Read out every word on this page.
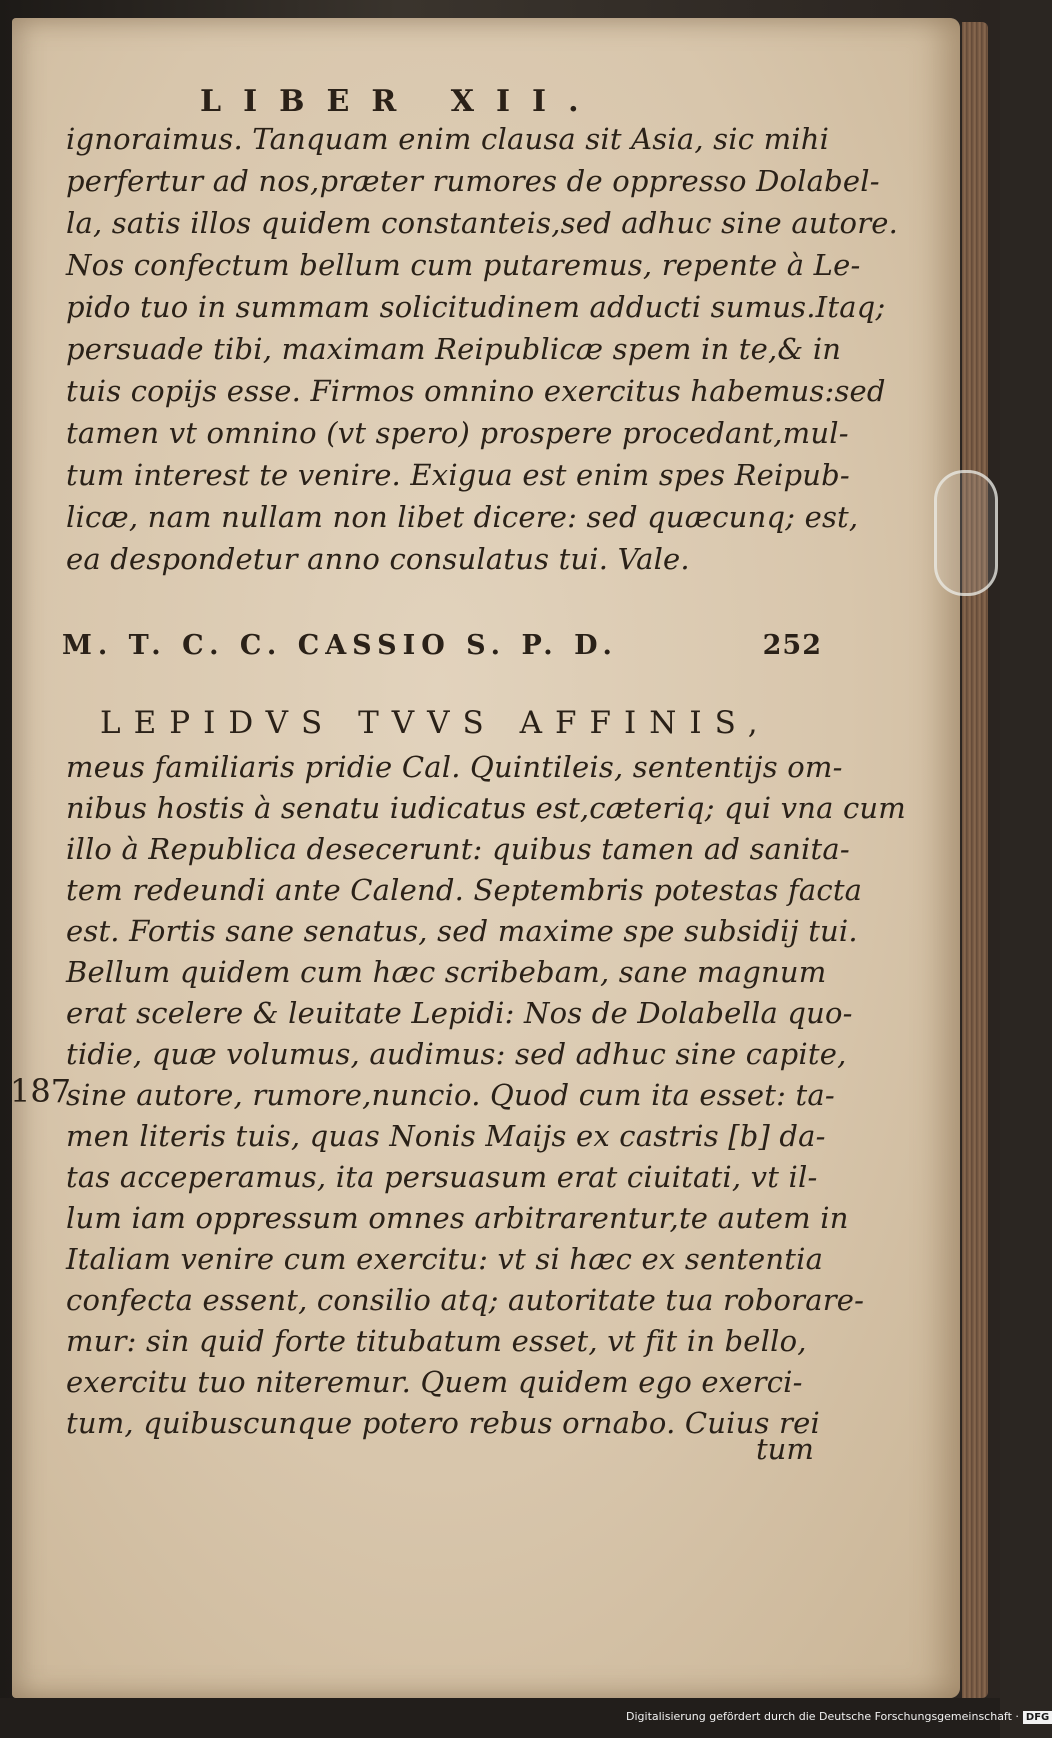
LIBER XII.
ignoraimus. Tanquam enim clausa sit Asia, sic mihi
perfertur ad nos,præter rumores de oppresso Dolabel-
la, satis illos quidem constanteis,sed adhuc sine autore.
Nos confectum bellum cum putaremus, repente à Le-
pido tuo in summam solicitudinem adducti sumus.Itaq;
persuade tibi, maximam Reipublicæ spem in te,& in
tuis copijs esse. Firmos omnino exercitus habemus:sed
tamen vt omnino (vt spero) prospere procedant,mul-
tum interest te venire. Exigua est enim spes Reipub-
licæ, nam nullam non libet dicere: sed quæcunq; est,
ea despondetur anno consulatus tui. Vale.
M. T. C. C. CASSIO S. P. D.	252
LEPIDVS TVVS AFFINIS,
meus familiaris pridie Cal. Quintileis, sententijs om-
nibus hostis à senatu iudicatus est,cæteriq; qui vna cum
illo à Republica desecerunt: quibus tamen ad sanita-
tem redeundi ante Calend. Septembris potestas facta
est. Fortis sane senatus, sed maxime spe subsidij tui.
Bellum quidem cum hæc scribebam, sane magnum
erat scelere & leuitate Lepidi: Nos de Dolabella quo-
tidie, quæ volumus, audimus: sed adhuc sine capite,
sine autore, rumore,nuncio. Quod cum ita esset: ta-
men literis tuis, quas Nonis Maijs ex castris [b] da-
tas acceperamus, ita persuasum erat ciuitati, vt il-
lum iam oppressum omnes arbitrarentur,te autem in
Italiam venire cum exercitu: vt si hæc ex sententia
confecta essent, consilio atq; autoritate tua roborare-
mur: sin quid forte titubatum esset, vt fit in bello,
exercitu tuo niteremur. Quem quidem ego exerci-
tum, quibuscunque potero rebus ornabo. Cuius rei
tum
187
Digitalisierung gefördert durch die Deutsche Forschungsgemeinschaft · DFG
